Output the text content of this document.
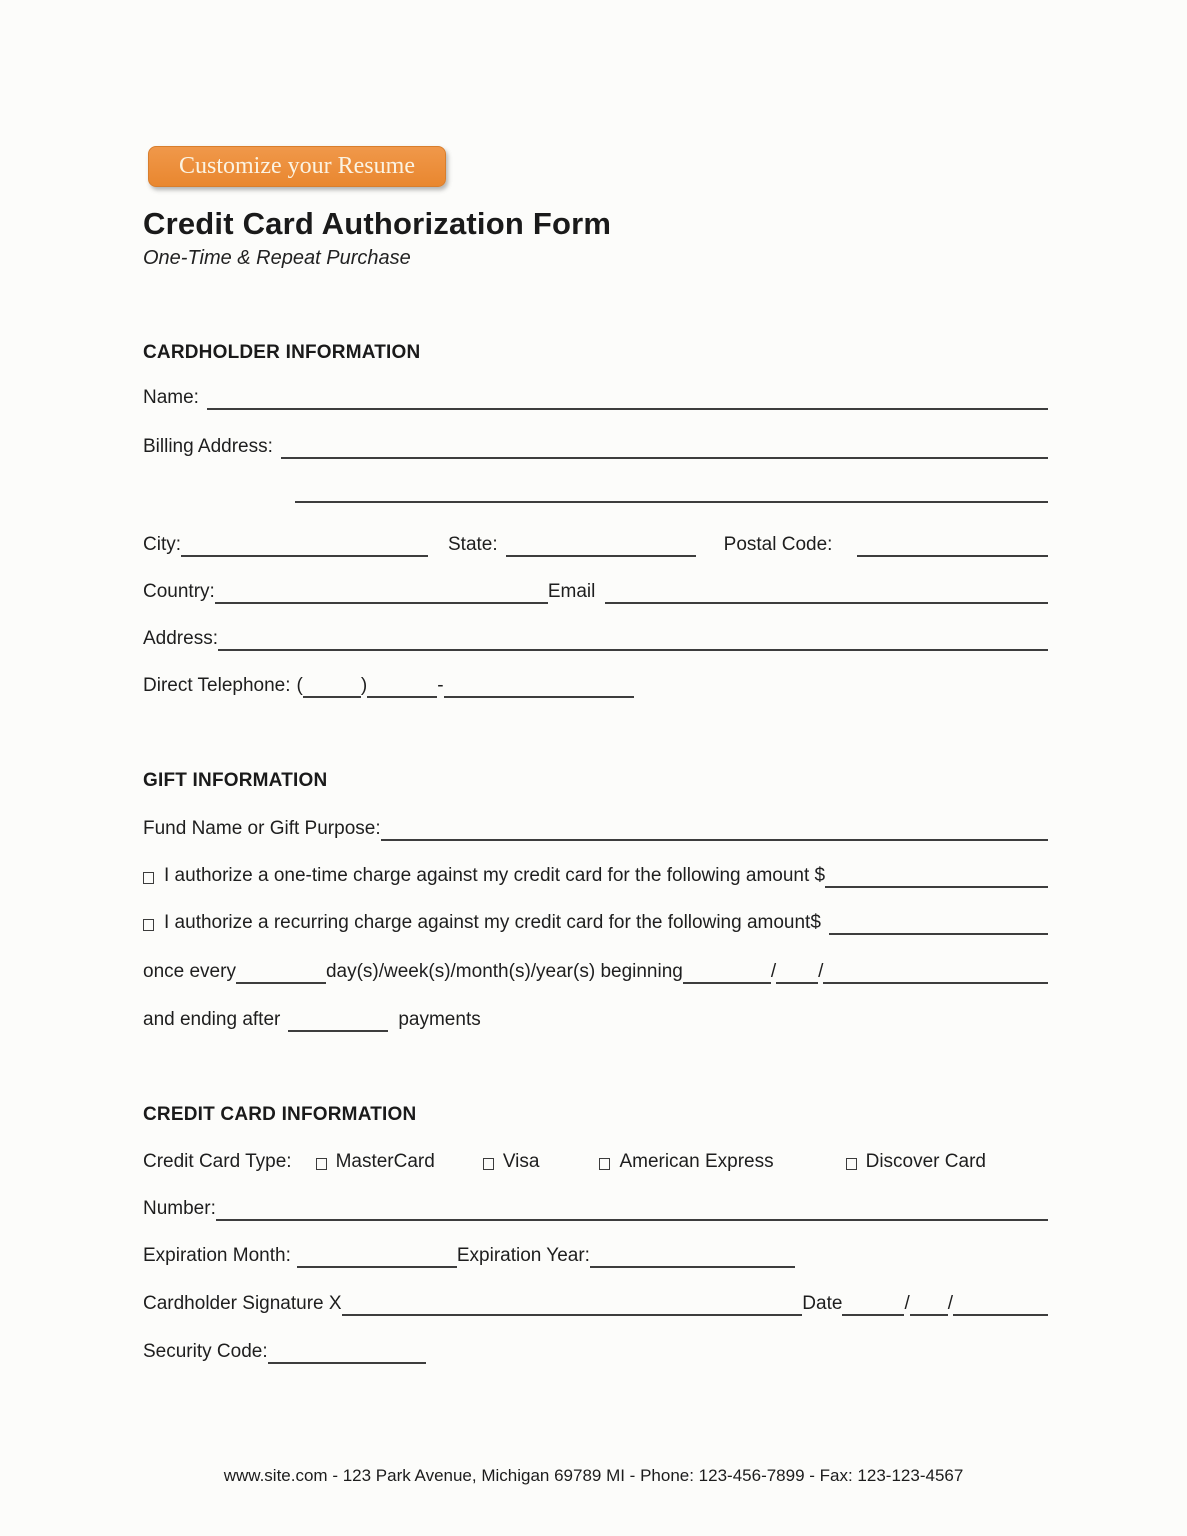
Customize your Resume
Credit Card Authorization Form
One-Time & Repeat Purchase
CARDHOLDER INFORMATION
Name:
Billing Address:
City:	State:	Postal Code:
Country:	Email
Address:
Direct Telephone: (	)	-
GIFT INFORMATION
Fund Name or Gift Purpose:
I authorize a one-time charge against my credit card for the following amount $
I authorize a recurring charge against my credit card for the following amount$
once every	day(s)/week(s)/month(s)/year(s) beginning	/ /
and ending after	payments
CREDIT CARD INFORMATION
Credit Card Type: MasterCard	Visa	American Express	Discover Card
Number:
Expiration Month:	Expiration Year:
Cardholder Signature X	Date	/ /
Security Code:
www.site.com - 123 Park Avenue, Michigan 69789 MI - Phone: 123-456-7899 - Fax: 123-123-4567
